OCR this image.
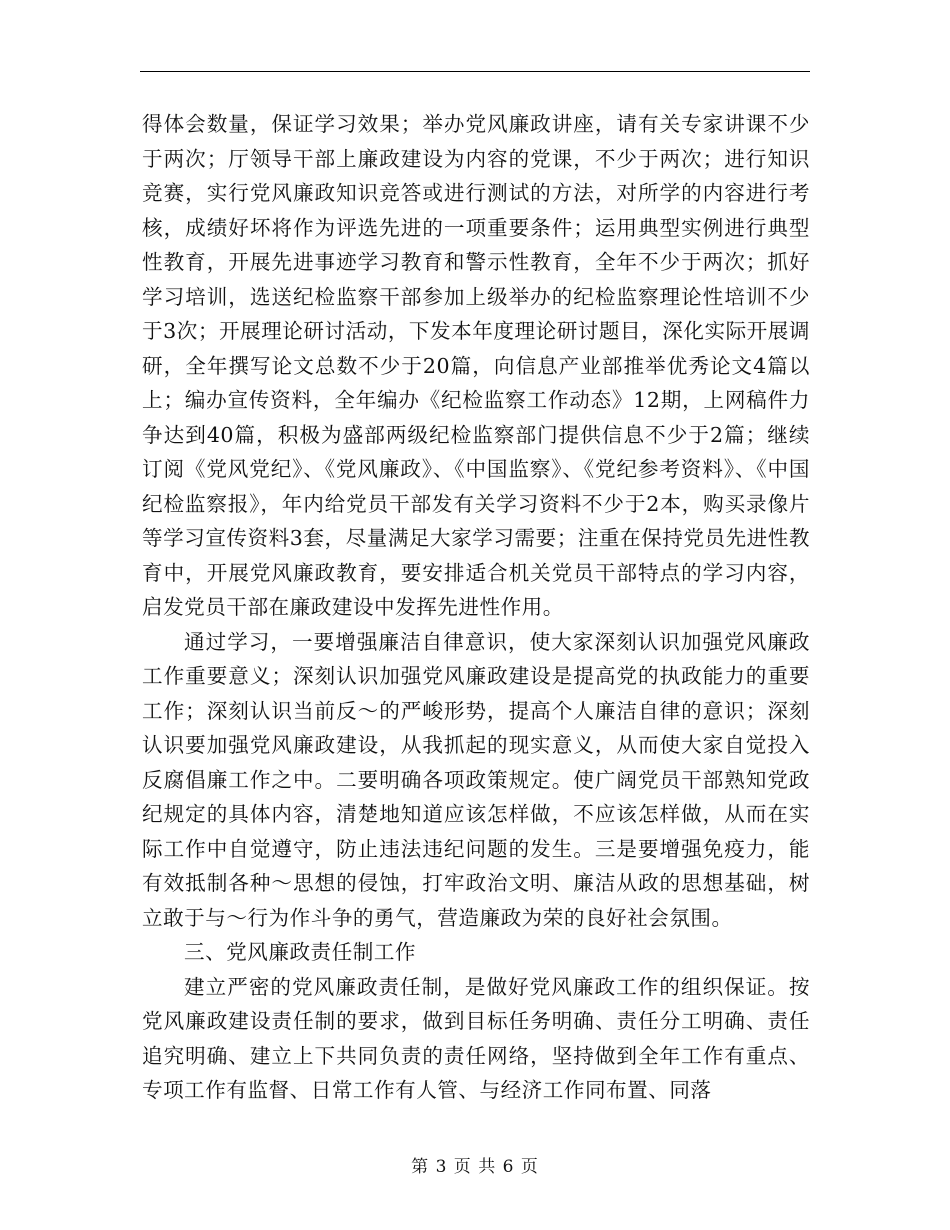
得体会数量，保证学习效果；举办党风廉政讲座，请有关专家讲课不少于两次；厅领导干部上廉政建设为内容的党课，不少于两次；进行知识竞赛，实行党风廉政知识竞答或进行测试的方法，对所学的内容进行考核，成绩好坏将作为评选先进的一项重要条件；运用典型实例进行典型性教育，开展先进事迹学习教育和警示性教育，全年不少于两次；抓好学习培训，选送纪检监察干部参加上级举办的纪检监察理论性培训不少于3次；开展理论研讨活动，下发本年度理论研讨题目，深化实际开展调研，全年撰写论文总数不少于20篇，向信息产业部推举优秀论文4篇以上；编办宣传资料，全年编办《纪检监察工作动态》12期，上网稿件力争达到40篇，积极为盛部两级纪检监察部门提供信息不少于2篇；继续订阅《党风党纪》、《党风廉政》、《中国监察》、《党纪参考资料》、《中国纪检监察报》，年内给党员干部发有关学习资料不少于2本，购买录像片等学习宣传资料3套，尽量满足大家学习需要；注重在保持党员先进性教育中，开展党风廉政教育，要安排适合机关党员干部特点的学习内容，启发党员干部在廉政建设中发挥先进性作用。

通过学习，一要增强廉洁自律意识，使大家深刻认识加强党风廉政工作重要意义；深刻认识加强党风廉政建设是提高党的执政能力的重要工作；深刻认识当前反～的严峻形势，提高个人廉洁自律的意识；深刻认识要加强党风廉政建设，从我抓起的现实意义，从而使大家自觉投入反腐倡廉工作之中。二要明确各项政策规定。使广阔党员干部熟知党政纪规定的具体内容，清楚地知道应该怎样做，不应该怎样做，从而在实际工作中自觉遵守，防止违法违纪问题的发生。三是要增强免疫力，能有效抵制各种～思想的侵蚀，打牢政治文明、廉洁从政的思想基础，树立敢于与～行为作斗争的勇气，营造廉政为荣的良好社会氛围。

三、党风廉政责任制工作

建立严密的党风廉政责任制，是做好党风廉政工作的组织保证。按党风廉政建设责任制的要求，做到目标任务明确、责任分工明确、责任追究明确、建立上下共同负责的责任网络，坚持做到全年工作有重点、专项工作有监督、日常工作有人管、与经济工作同布置、同落

第 3 页 共 6 页
